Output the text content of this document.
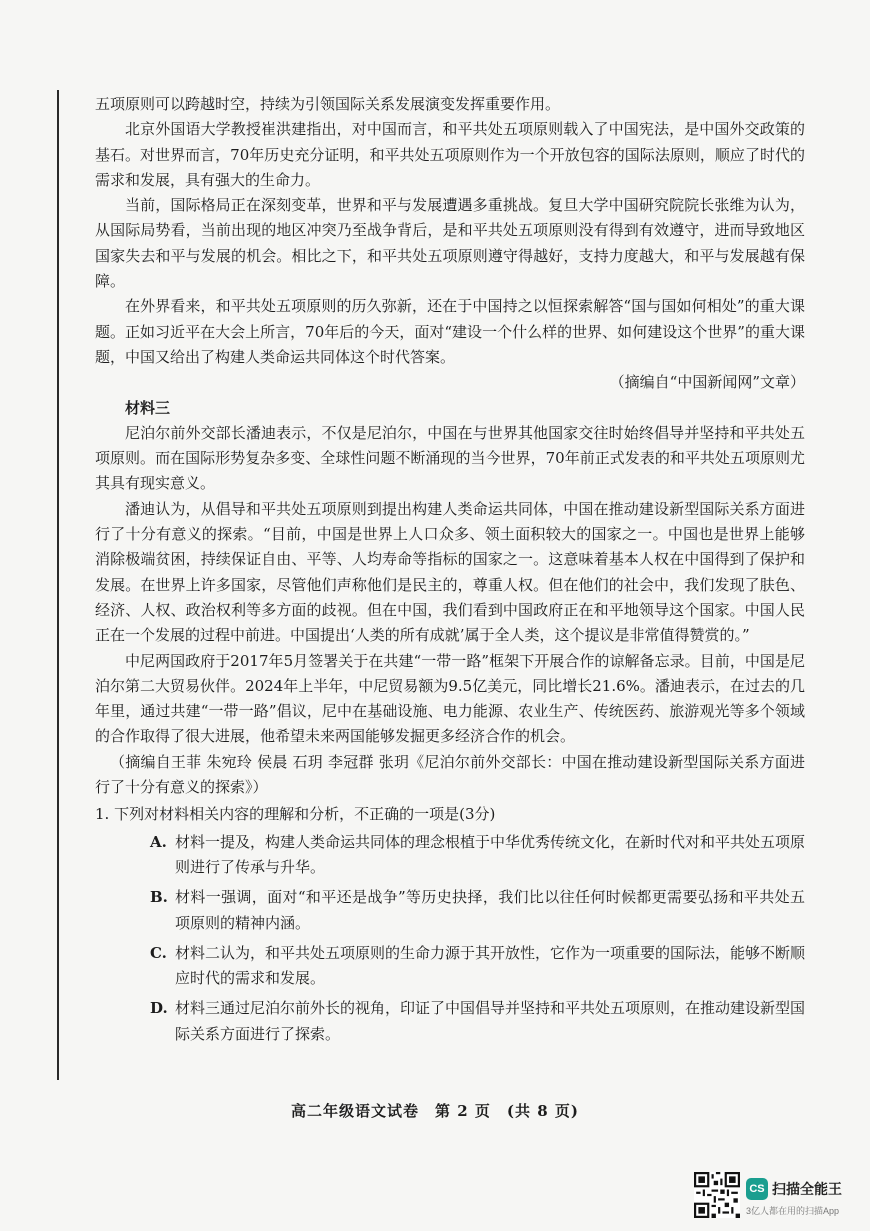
五项原则可以跨越时空，持续为引领国际关系发展演变发挥重要作用。

北京外国语大学教授崔洪建指出，对中国而言，和平共处五项原则载入了中国宪法，是中国外交政策的基石。对世界而言，70年历史充分证明，和平共处五项原则作为一个开放包容的国际法原则，顺应了时代的需求和发展，具有强大的生命力。

当前，国际格局正在深刻变革，世界和平与发展遭遇多重挑战。复旦大学中国研究院院长张维为认为，从国际局势看，当前出现的地区冲突乃至战争背后，是和平共处五项原则没有得到有效遵守，进而导致地区国家失去和平与发展的机会。相比之下，和平共处五项原则遵守得越好，支持力度越大，和平与发展越有保障。

在外界看来，和平共处五项原则的历久弥新，还在于中国持之以恒探索解答“国与国如何相处”的重大课题。正如习近平在大会上所言，70年后的今天，面对“建设一个什么样的世界、如何建设这个世界”的重大课题，中国又给出了构建人类命运共同体这个时代答案。

（摘编自“中国新闻网”文章）

材料三

尼泊尔前外交部长潘迪表示，不仅是尼泊尔，中国在与世界其他国家交往时始终倡导并坚持和平共处五项原则。而在国际形势复杂多变、全球性问题不断涌现的当今世界，70年前正式发表的和平共处五项原则尤其具有现实意义。

潘迪认为，从倡导和平共处五项原则到提出构建人类命运共同体，中国在推动建设新型国际关系方面进行了十分有意义的探索。“目前，中国是世界上人口众多、领土面积较大的国家之一。中国也是世界上能够消除极端贫困，持续保证自由、平等、人均寿命等指标的国家之一。这意味着基本人权在中国得到了保护和发展。在世界上许多国家，尽管他们声称他们是民主的，尊重人权。但在他们的社会中，我们发现了肤色、经济、人权、政治权利等多方面的歧视。但在中国，我们看到中国政府正在和平地领导这个国家。中国人民正在一个发展的过程中前进。中国提出‘人类的所有成就’属于全人类，这个提议是非常值得赞赏的。”

中尼两国政府于2017年5月签署关于在共建“一带一路”框架下开展合作的谅解备忘录。目前，中国是尼泊尔第二大贸易伙伴。2024年上半年，中尼贸易额为9.5亿美元，同比增长21.6%。潘迪表示，在过去的几年里，通过共建“一带一路”倡议，尼中在基础设施、电力能源、农业生产、传统医药、旅游观光等多个领域的合作取得了很大进展，他希望未来两国能够发掘更多经济合作的机会。

（摘编自王菲 朱宛玲 侯晨 石玥 李冠群 张玥《尼泊尔前外交部长：中国在推动建设新型国际关系方面进行了十分有意义的探索》）

1. 下列对材料相关内容的理解和分析，不正确的一项是(3分)

A. 材料一提及，构建人类命运共同体的理念根植于中华优秀传统文化，在新时代对和平共处五项原则进行了传承与升华。
B. 材料一强调，面对“和平还是战争”等历史抉择，我们比以往任何时候都更需要弘扬和平共处五项原则的精神内涵。
C. 材料二认为，和平共处五项原则的生命力源于其开放性，它作为一项重要的国际法，能够不断顺应时代的需求和发展。
D. 材料三通过尼泊尔前外长的视角，印证了中国倡导并坚持和平共处五项原则，在推动建设新型国际关系方面进行了探索。
高二年级语文试卷　第 2 页　(共 8 页)
CS 扫描全能王
3亿人都在用的扫描App
